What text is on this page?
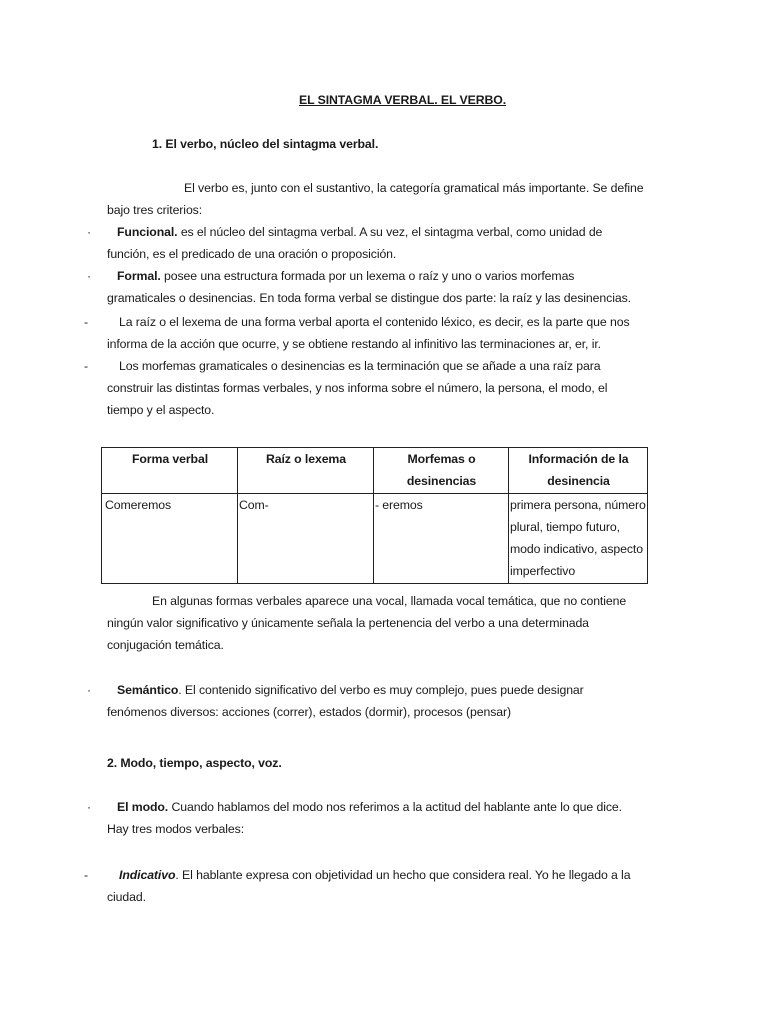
EL SINTAGMA VERBAL. EL VERBO.
1. El verbo, núcleo del sintagma verbal.
El verbo es, junto con el sustantivo, la categoría gramatical más importante. Se define
bajo tres criterios:
· Funcional. es el núcleo del sintagma verbal. A su vez, el sintagma verbal, como unidad de
función, es el predicado de una oración o proposición.
· Formal. posee una estructura formada por un lexema o raíz y uno o varios morfemas
gramaticales o desinencias. En toda forma verbal se distingue dos parte: la raíz y las desinencias.
-	La raíz o el lexema de una forma verbal aporta el contenido léxico, es decir, es la parte que nos
informa de la acción que ocurre, y se obtiene restando al infinitivo las terminaciones ar, er, ir.
-	Los morfemas gramaticales o desinencias es la terminación que se añade a una raíz para
construir las distintas formas verbales, y nos informa sobre el número, la persona, el modo, el
tiempo y el aspecto.
Forma verbal	Raíz o lexema	Morfemas o desinencias	Información de la desinencia
Comeremos	Com-	- eremos	primera persona, número plural, tiempo futuro, modo indicativo, aspecto imperfectivo
En algunas formas verbales aparece una vocal, llamada vocal temática, que no contiene
ningún valor significativo y únicamente señala la pertenencia del verbo a una determinada
conjugación temática.
· Semántico. El contenido significativo del verbo es muy complejo, pues puede designar
fenómenos diversos: acciones (correr), estados (dormir), procesos (pensar)
2. Modo, tiempo, aspecto, voz.
· El modo. Cuando hablamos del modo nos referimos a la actitud del hablante ante lo que dice.
Hay tres modos verbales:
-	Indicativo. El hablante expresa con objetividad un hecho que considera real. Yo he llegado a la
ciudad.
